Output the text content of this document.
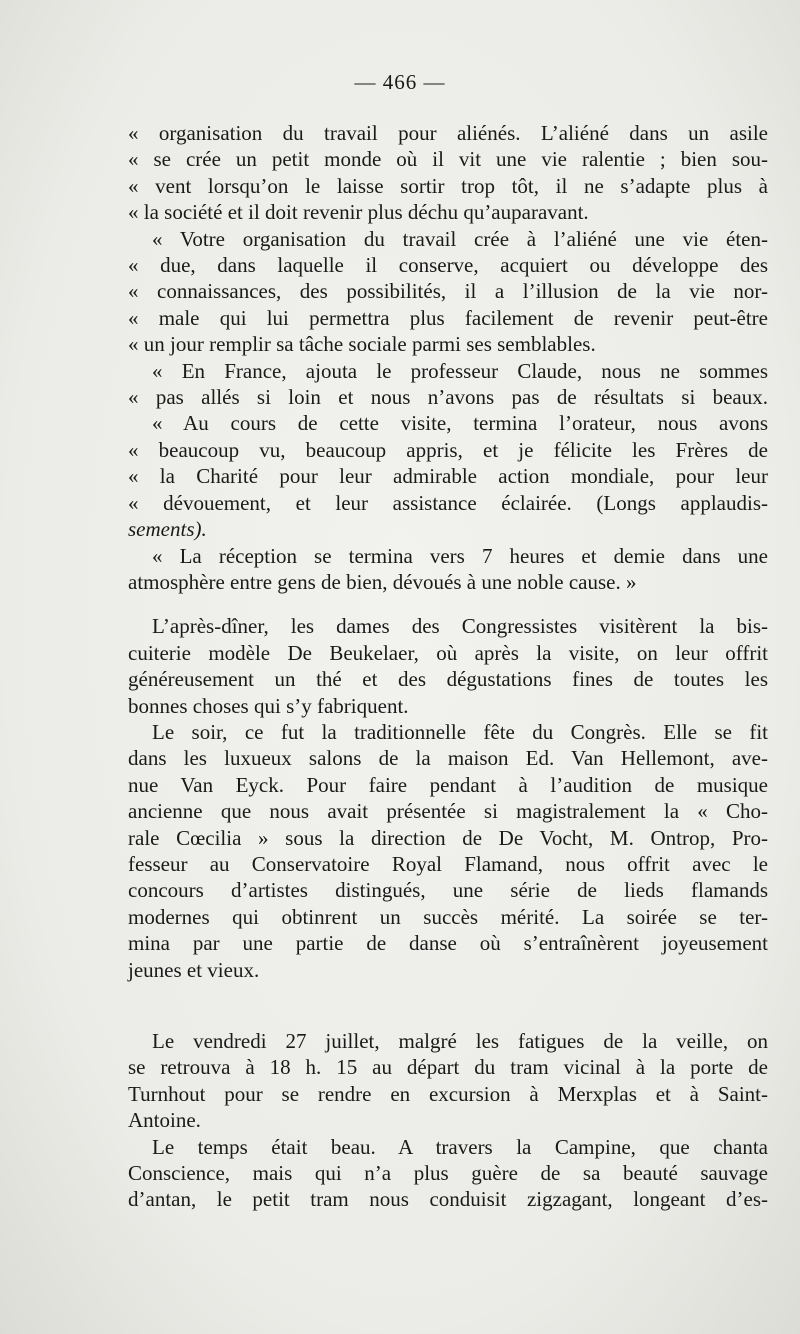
— 466 —
« organisation du travail pour aliénés. L’aliéné dans un asile
« se crée un petit monde où il vit une vie ralentie ; bien sou-
« vent lorsqu’on le laisse sortir trop tôt, il ne s’adapte plus à
« la société et il doit revenir plus déchu qu’auparavant.
« Votre organisation du travail crée à l’aliéné une vie éten-
« due, dans laquelle il conserve, acquiert ou développe des
« connaissances, des possibilités, il a l’illusion de la vie nor-
« male qui lui permettra plus facilement de revenir peut-être
« un jour remplir sa tâche sociale parmi ses semblables.
« En France, ajouta le professeur Claude, nous ne sommes
« pas allés si loin et nous n’avons pas de résultats si beaux.
« Au cours de cette visite, termina l’orateur, nous avons
« beaucoup vu, beaucoup appris, et je félicite les Frères de
« la Charité pour leur admirable action mondiale, pour leur
« dévouement, et leur assistance éclairée. (Longs applaudis-
sements).
« La réception se termina vers 7 heures et demie dans une
atmosphère entre gens de bien, dévoués à une noble cause. »
L’après-dîner, les dames des Congressistes visitèrent la bis-
cuiterie modèle De Beukelaer, où après la visite, on leur offrit
généreusement un thé et des dégustations fines de toutes les
bonnes choses qui s’y fabriquent.
Le soir, ce fut la traditionnelle fête du Congrès. Elle se fit
dans les luxueux salons de la maison Ed. Van Hellemont, ave-
nue Van Eyck. Pour faire pendant à l’audition de musique
ancienne que nous avait présentée si magistralement la « Cho-
rale Cœcilia » sous la direction de De Vocht, M. Ontrop, Pro-
fesseur au Conservatoire Royal Flamand, nous offrit avec le
concours d’artistes distingués, une série de lieds flamands
modernes qui obtinrent un succès mérité. La soirée se ter-
mina par une partie de danse où s’entraînèrent joyeusement
jeunes et vieux.
Le vendredi 27 juillet, malgré les fatigues de la veille, on
se retrouva à 18 h. 15 au départ du tram vicinal à la porte de
Turnhout pour se rendre en excursion à Merxplas et à Saint-
Antoine.
Le temps était beau. A travers la Campine, que chanta
Conscience, mais qui n’a plus guère de sa beauté sauvage
d’antan, le petit tram nous conduisit zigzagant, longeant d’es-
